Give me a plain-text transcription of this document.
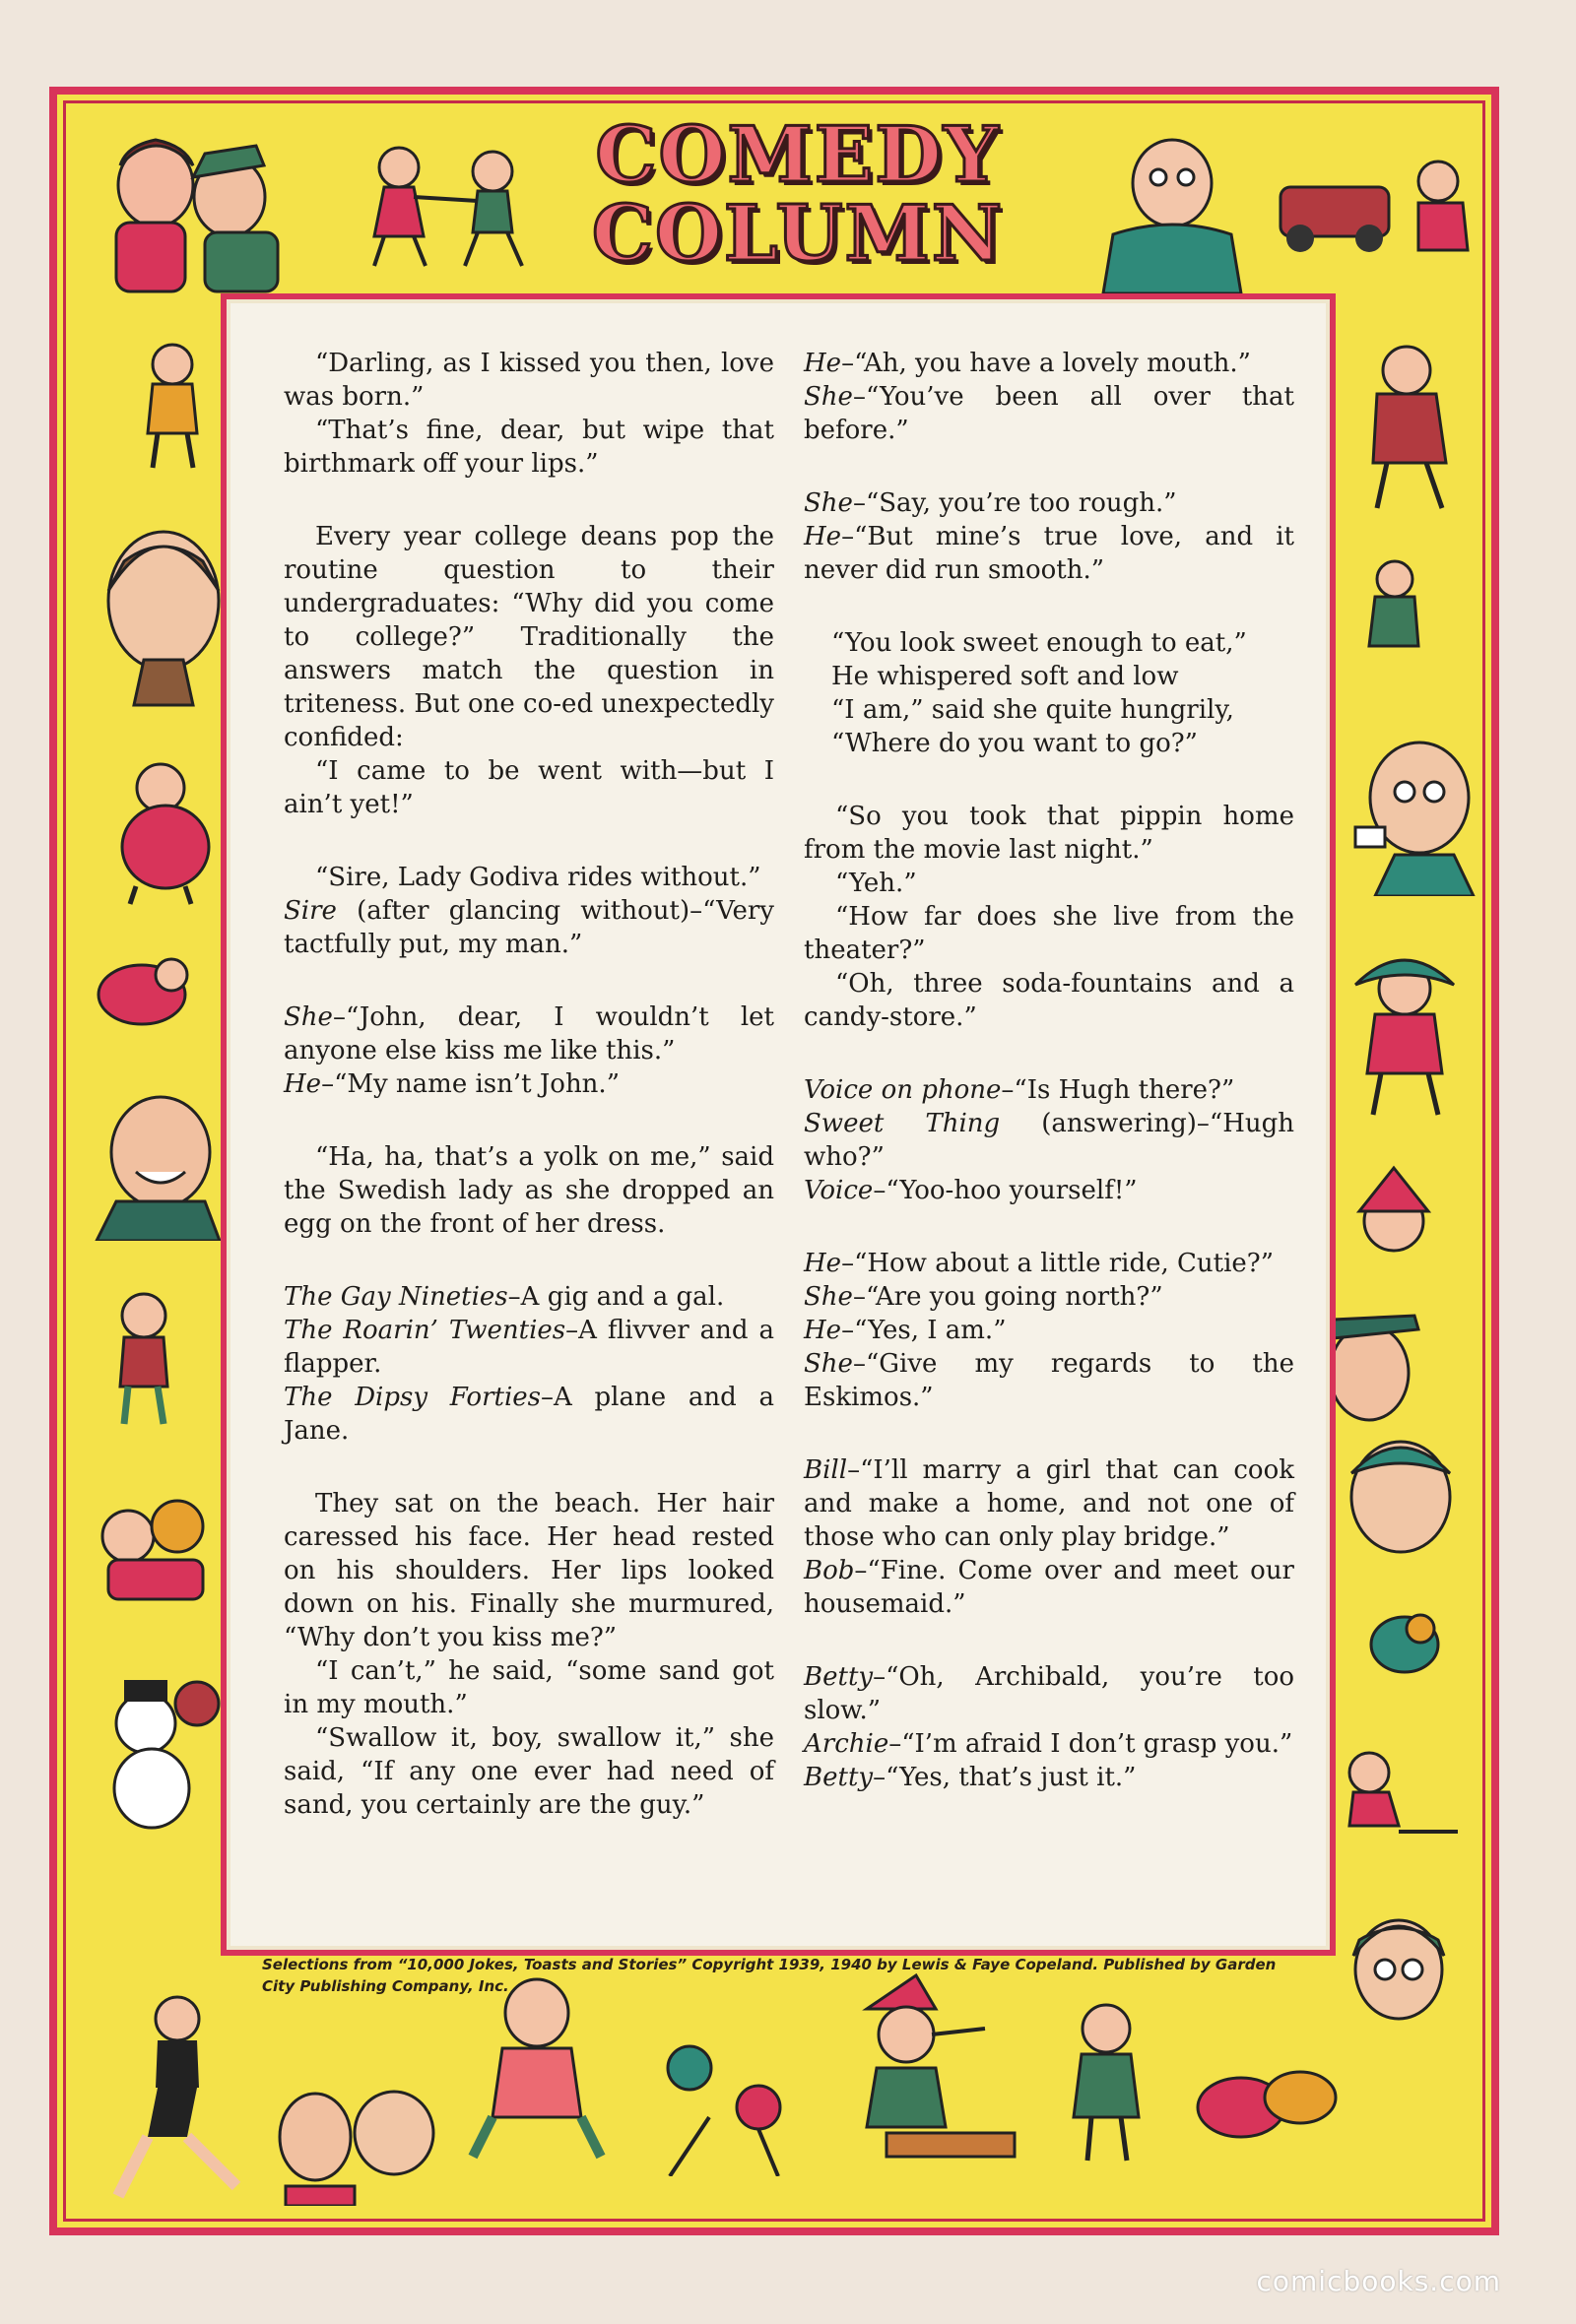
COMEDY
COLUMN

“Darling, as I kissed you then, love was born.”

“That’s fine, dear, but wipe that birthmark off your lips.”

Every year college deans pop the routine question to their undergraduates: “Why did you come to college?” Traditionally the answers match the question in triteness. But one co-ed unexpectedly confided:

“I came to be went with—but I ain’t yet!”

“Sire, Lady Godiva rides without.”

Sire (after glancing without)–“Very tactfully put, my man.”

She–“John, dear, I wouldn’t let anyone else kiss me like this.”

He–“My name isn’t John.”

“Ha, ha, that’s a yolk on me,” said the Swedish lady as she dropped an egg on the front of her dress.

The Gay Nineties–A gig and a gal.

The Roarin’ Twenties–A flivver and a flapper.

The Dipsy Forties–A plane and a Jane.

They sat on the beach. Her hair caressed his face. Her head rested on his shoulders. Her lips looked down on his. Finally she murmured, “Why don’t you kiss me?”

“I can’t,” he said, “some sand got in my mouth.”

“Swallow it, boy, swallow it,” she said, “If any one ever had need of sand, you certainly are the guy.”

He–“Ah, you have a lovely mouth.”

She–“You’ve been all over that before.”

She–“Say, you’re too rough.”

He–“But mine’s true love, and it never did run smooth.”

“You look sweet enough to eat,”

He whispered soft and low

“I am,” said she quite hungrily,

“Where do you want to go?”

“So you took that pippin home from the movie last night.”

“Yeh.”

“How far does she live from the theater?”

“Oh, three soda-fountains and a candy-store.”

Voice on phone–“Is Hugh there?”

Sweet Thing (answering)–“Hugh who?”

Voice–“Yoo-hoo yourself!”

He–“How about a little ride, Cutie?”

She–“Are you going north?”

He–“Yes, I am.”

She–“Give my regards to the Eskimos.”

Bill–“I’ll marry a girl that can cook and make a home, and not one of those who can only play bridge.”

Bob–“Fine. Come over and meet our housemaid.”

Betty–“Oh, Archibald, you’re too slow.”

Archie–“I’m afraid I don’t grasp you.”

Betty–“Yes, that’s just it.”

Selections from “10,000 Jokes, Toasts and Stories” Copyright 1939, 1940 by Lewis & Faye Copeland. Published by Garden City Publishing Company, Inc.
comicbooks.com
